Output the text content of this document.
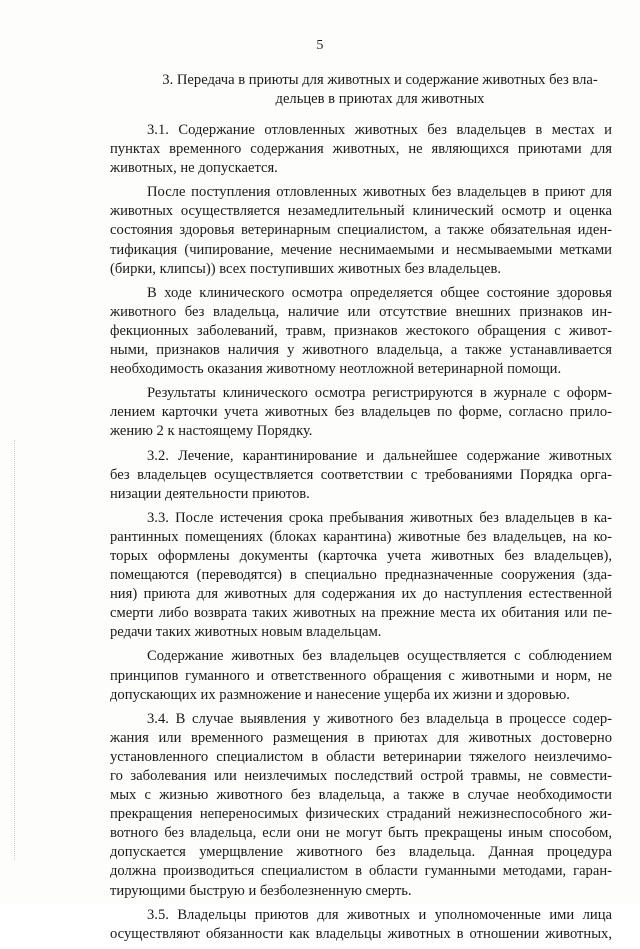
5
3. Передача в приюты для животных и содержание животных без вла-
дельцев в приютах для животных
3.1. Содержание отловленных животных без владельцев в местах и
пунктах временного содержания животных, не являющихся приютами для
животных, не допускается.
После поступления отловленных животных без владельцев в приют для
животных осуществляется незамедлительный клинический осмотр и оценка
состояния здоровья ветеринарным специалистом, а также обязательная иден-
тификация (чипирование, мечение неснимаемыми и несмываемыми метками
(бирки, клипсы)) всех поступивших животных без владельцев.
В ходе клинического осмотра определяется общее состояние здоровья
животного без владельца, наличие или отсутствие внешних признаков ин-
фекционных заболеваний, травм, признаков жестокого обращения с живот-
ными, признаков наличия у животного владельца, а также устанавливается
необходимость оказания животному неотложной ветеринарной помощи.
Результаты клинического осмотра регистрируются в журнале с оформ-
лением карточки учета животных без владельцев по форме, согласно прило-
жению 2 к настоящему Порядку.
3.2. Лечение, карантинирование и дальнейшее содержание животных
без владельцев осуществляется соответствии с требованиями Порядка орга-
низации деятельности приютов.
3.3. После истечения срока пребывания животных без владельцев в ка-
рантинных помещениях (блоках карантина) животные без владельцев, на ко-
торых оформлены документы (карточка учета животных без владельцев),
помещаются (переводятся) в специально предназначенные сооружения (зда-
ния) приюта для животных для содержания их до наступления естественной
смерти либо возврата таких животных на прежние места их обитания или пе-
редачи таких животных новым владельцам.
Содержание животных без владельцев осуществляется с соблюдением
принципов гуманного и ответственного обращения с животными и норм, не
допускающих их размножение и нанесение ущерба их жизни и здоровью.
3.4. В случае выявления у животного без владельца в процессе содер-
жания или временного размещения в приютах для животных достоверно
установленного специалистом в области ветеринарии тяжелого неизлечимо-
го заболевания или неизлечимых последствий острой травмы, не совмести-
мых с жизнью животного без владельца, а также в случае необходимости
прекращения непереносимых физических страданий нежизнеспособного жи-
вотного без владельца, если они не могут быть прекращены иным способом,
допускается умерщвление животного без владельца. Данная процедура
должна производиться специалистом в области гуманными методами, гаран-
тирующими быструю и безболезненную смерть.
3.5. Владельцы приютов для животных и уполномоченные ими лица
осуществляют обязанности как владельцы животных в отношении животных,
